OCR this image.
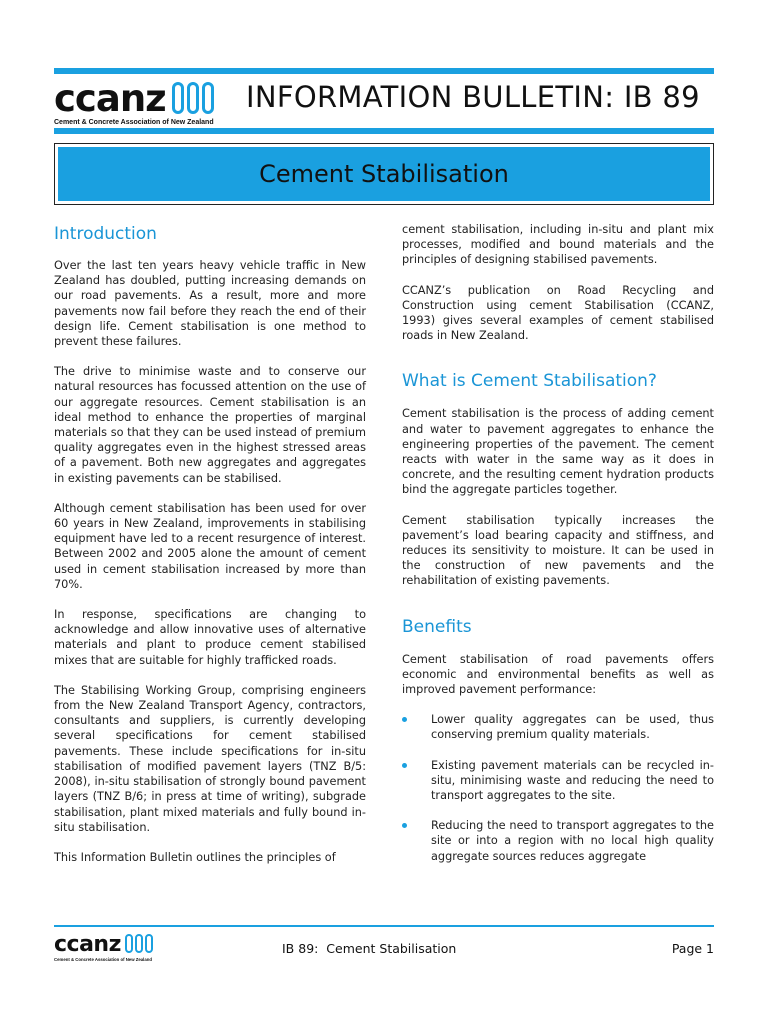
ccanz
Cement & Concrete Association of New Zealand
INFORMATION BULLETIN: IB 89
Cement Stabilisation
Introduction

Over the last ten years heavy vehicle traffic in New Zealand has doubled, putting increasing demands on our road pavements. As a result, more and more pavements now fail before they reach the end of their design life. Cement stabilisation is one method to prevent these failures.

The drive to minimise waste and to conserve our natural resources has focussed attention on the use of our aggregate resources. Cement stabilisation is an ideal method to enhance the properties of marginal materials so that they can be used instead of premium quality aggregates even in the highest stressed areas of a pavement. Both new aggregates and aggregates in existing pavements can be stabilised.

Although cement stabilisation has been used for over 60 years in New Zealand, improvements in stabilising equipment have led to a recent resurgence of interest. Between 2002 and 2005 alone the amount of cement used in cement stabilisation increased by more than 70%.

In response, specifications are changing to acknowledge and allow innovative uses of alternative materials and plant to produce cement stabilised mixes that are suitable for highly trafficked roads.

The Stabilising Working Group, comprising engineers from the New Zealand Transport Agency, contractors, consultants and suppliers, is currently developing several specifications for cement stabilised pavements. These include specifications for in-situ stabilisation of modified pavement layers (TNZ B/5: 2008), in-situ stabilisation of strongly bound pavement layers (TNZ B/6; in press at time of writing), subgrade stabilisation, plant mixed materials and fully bound in-situ stabilisation.

This Information Bulletin outlines the principles of

cement stabilisation, including in-situ and plant mix processes, modified and bound materials and the principles of designing stabilised pavements.

CCANZ’s publication on Road Recycling and Construction using cement Stabilisation (CCANZ, 1993) gives several examples of cement stabilised roads in New Zealand.

What is Cement Stabilisation?

Cement stabilisation is the process of adding cement and water to pavement aggregates to enhance the engineering properties of the pavement. The cement reacts with water in the same way as it does in concrete, and the resulting cement hydration products bind the aggregate particles together.

Cement stabilisation typically increases the pavement’s load bearing capacity and stiffness, and reduces its sensitivity to moisture. It can be used in the construction of new pavements and the rehabilitation of existing pavements.

Benefits

Cement stabilisation of road pavements offers economic and environmental benefits as well as improved pavement performance:

Lower quality aggregates can be used, thus conserving premium quality materials.
Existing pavement materials can be recycled in-situ, minimising waste and reducing the need to transport aggregates to the site.
Reducing the need to transport aggregates to the site or into a region with no local high quality aggregate sources reduces aggregate
ccanz
Cement & Concrete Association of New Zealand
IB 89:  Cement Stabilisation	Page 1
